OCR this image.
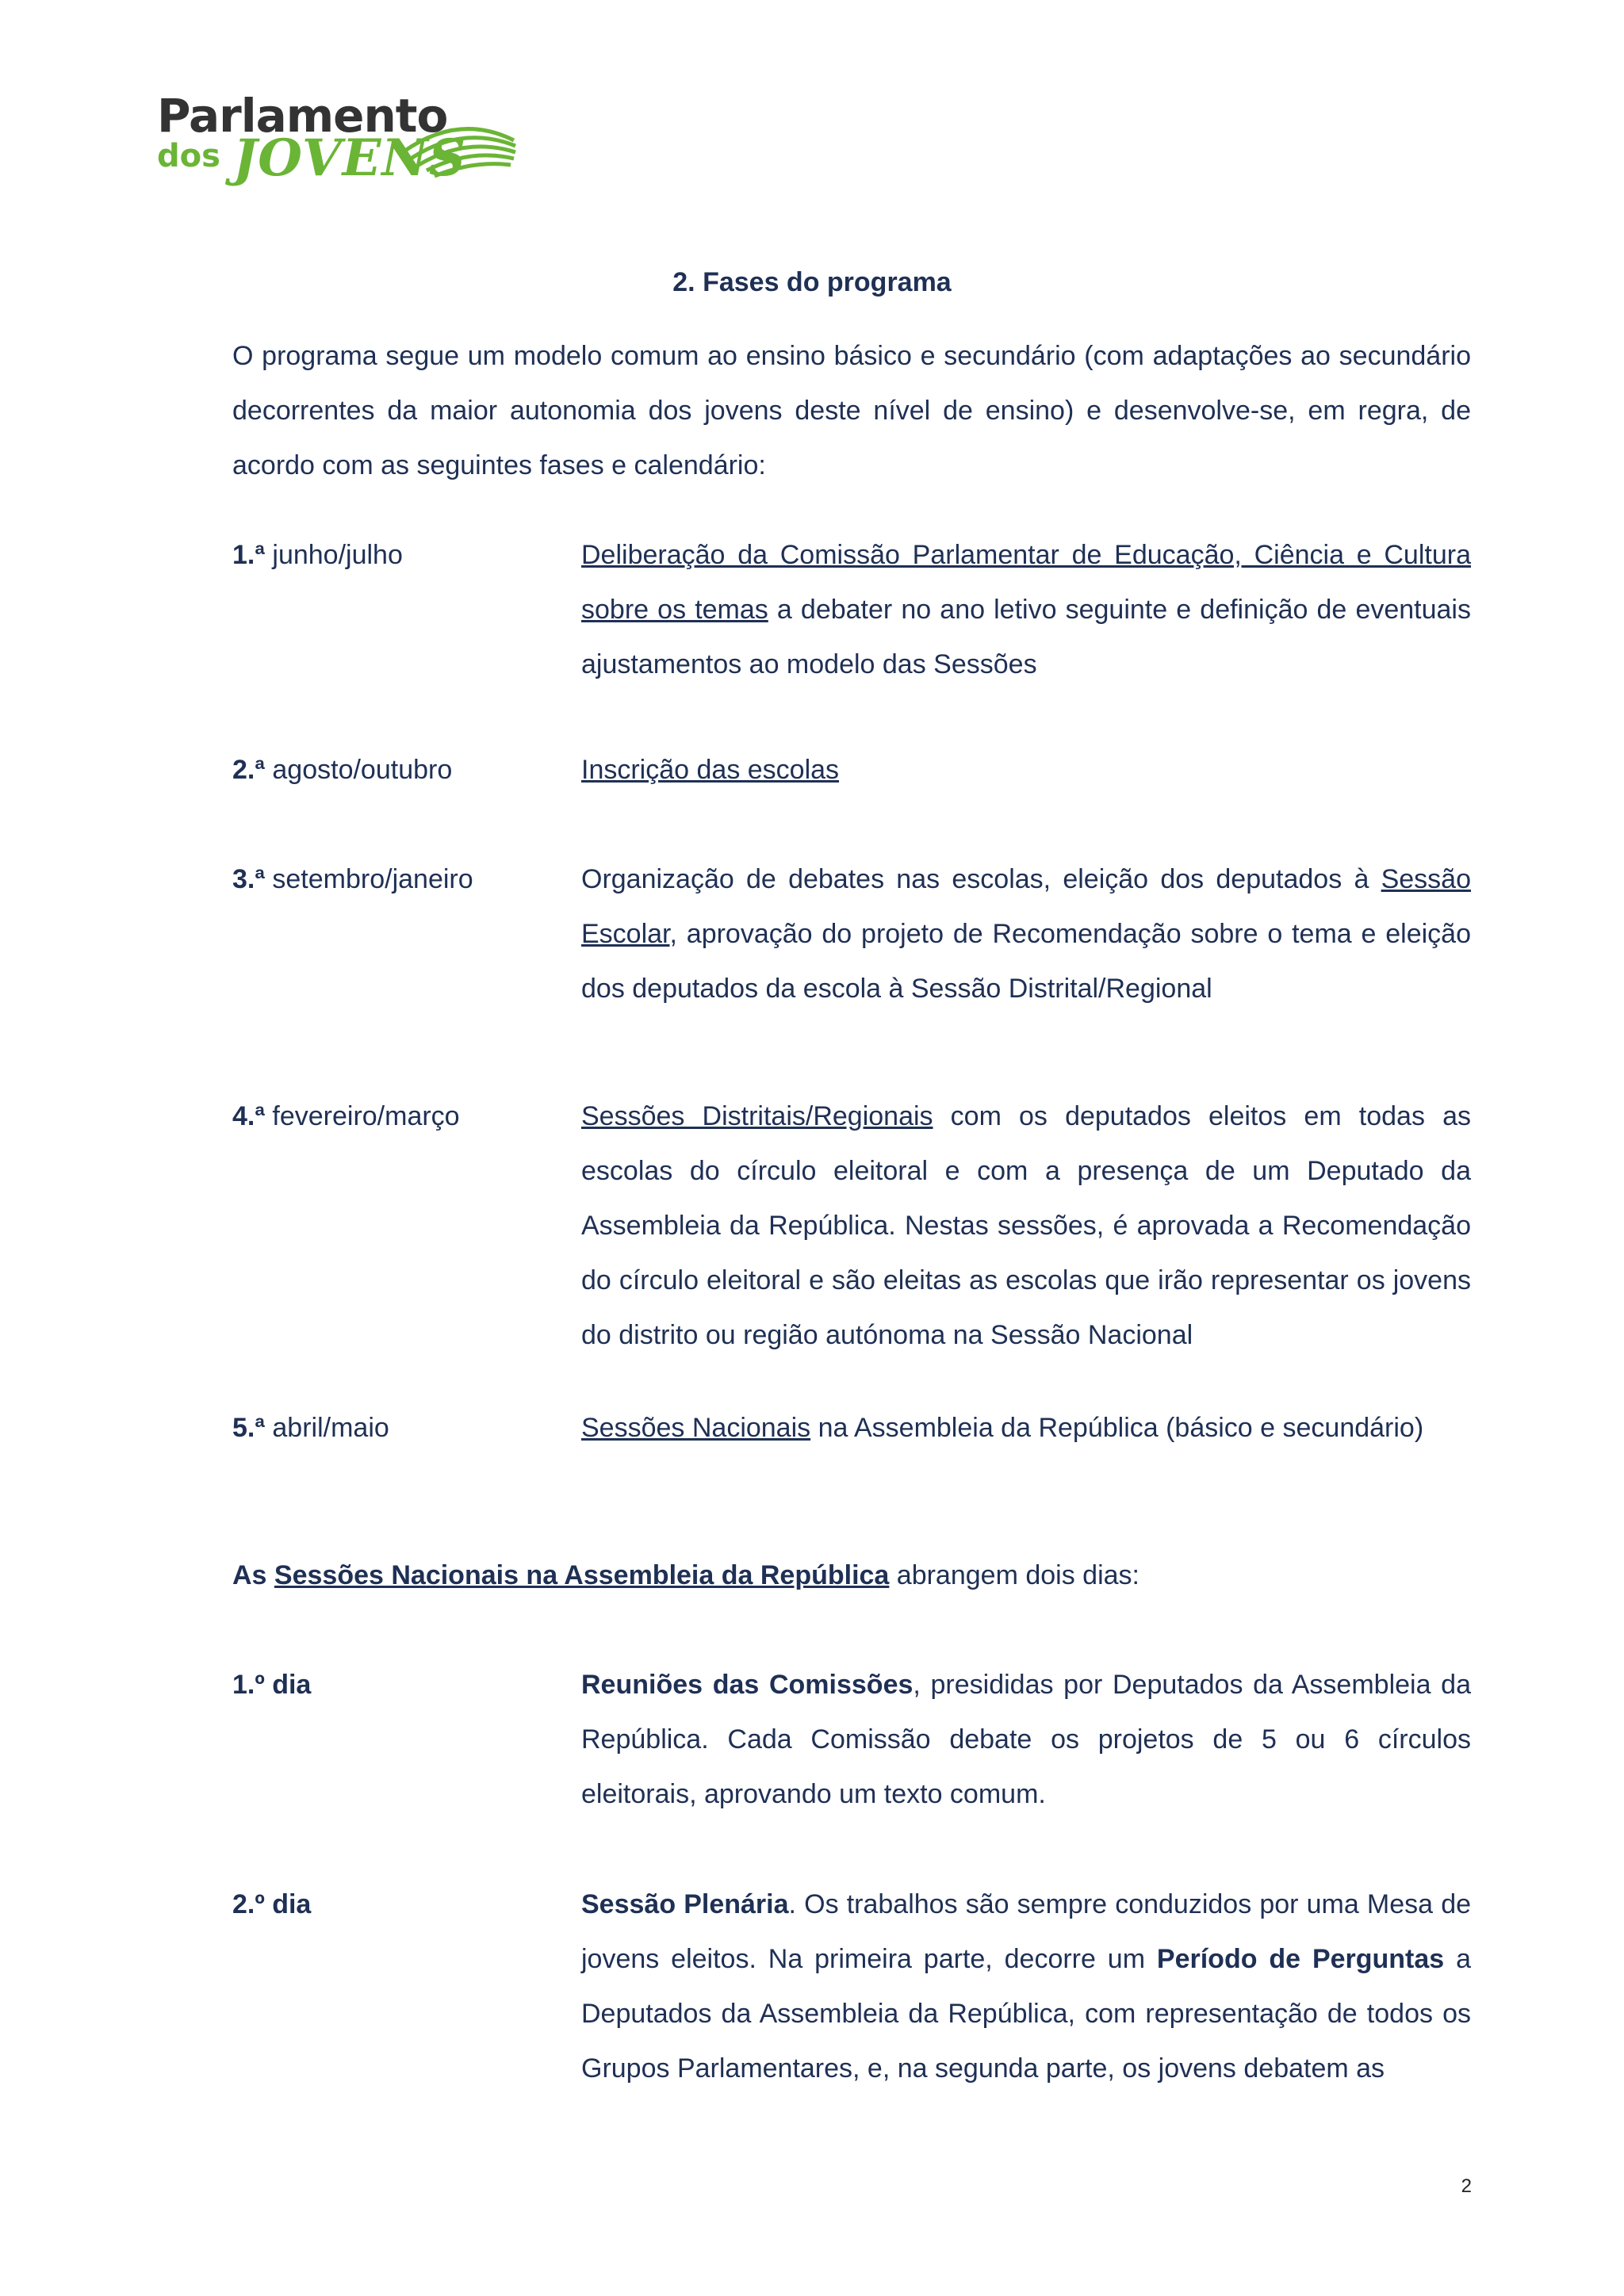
Parlamento
dos JOVENS
2. Fases do programa

O programa segue um modelo comum ao ensino básico e secundário (com adaptações ao secundário decorrentes da maior autonomia dos jovens deste nível de ensino) e desenvolve-se, em regra, de acordo com as seguintes fases e calendário:

1.ª junho/julho	Deliberação da Comissão Parlamentar de Educação, Ciência e Cultura sobre os temas a debater no ano letivo seguinte e definição de eventuais ajustamentos ao modelo das Sessões

2.ª agosto/outubro	Inscrição das escolas

3.ª setembro/janeiro	Organização de debates nas escolas, eleição dos deputados à Sessão Escolar, aprovação do projeto de Recomendação sobre o tema e eleição dos deputados da escola à Sessão Distrital/Regional

4.ª fevereiro/março	Sessões Distritais/Regionais com os deputados eleitos em todas as escolas do círculo eleitoral e com a presença de um Deputado da Assembleia da República. Nestas sessões, é aprovada a Recomendação do círculo eleitoral e são eleitas as escolas que irão representar os jovens do distrito ou região autónoma na Sessão Nacional

5.ª abril/maio	Sessões Nacionais na Assembleia da República (básico e secundário)

As Sessões Nacionais na Assembleia da República abrangem dois dias:

1.º dia	Reuniões das Comissões, presididas por Deputados da Assembleia da República. Cada Comissão debate os projetos de 5 ou 6 círculos eleitorais, aprovando um texto comum.

2.º dia	Sessão Plenária. Os trabalhos são sempre conduzidos por uma Mesa de jovens eleitos. Na primeira parte, decorre um Período de Perguntas a Deputados da Assembleia da República, com representação de todos os Grupos Parlamentares, e, na segunda parte, os jovens debatem as

2
